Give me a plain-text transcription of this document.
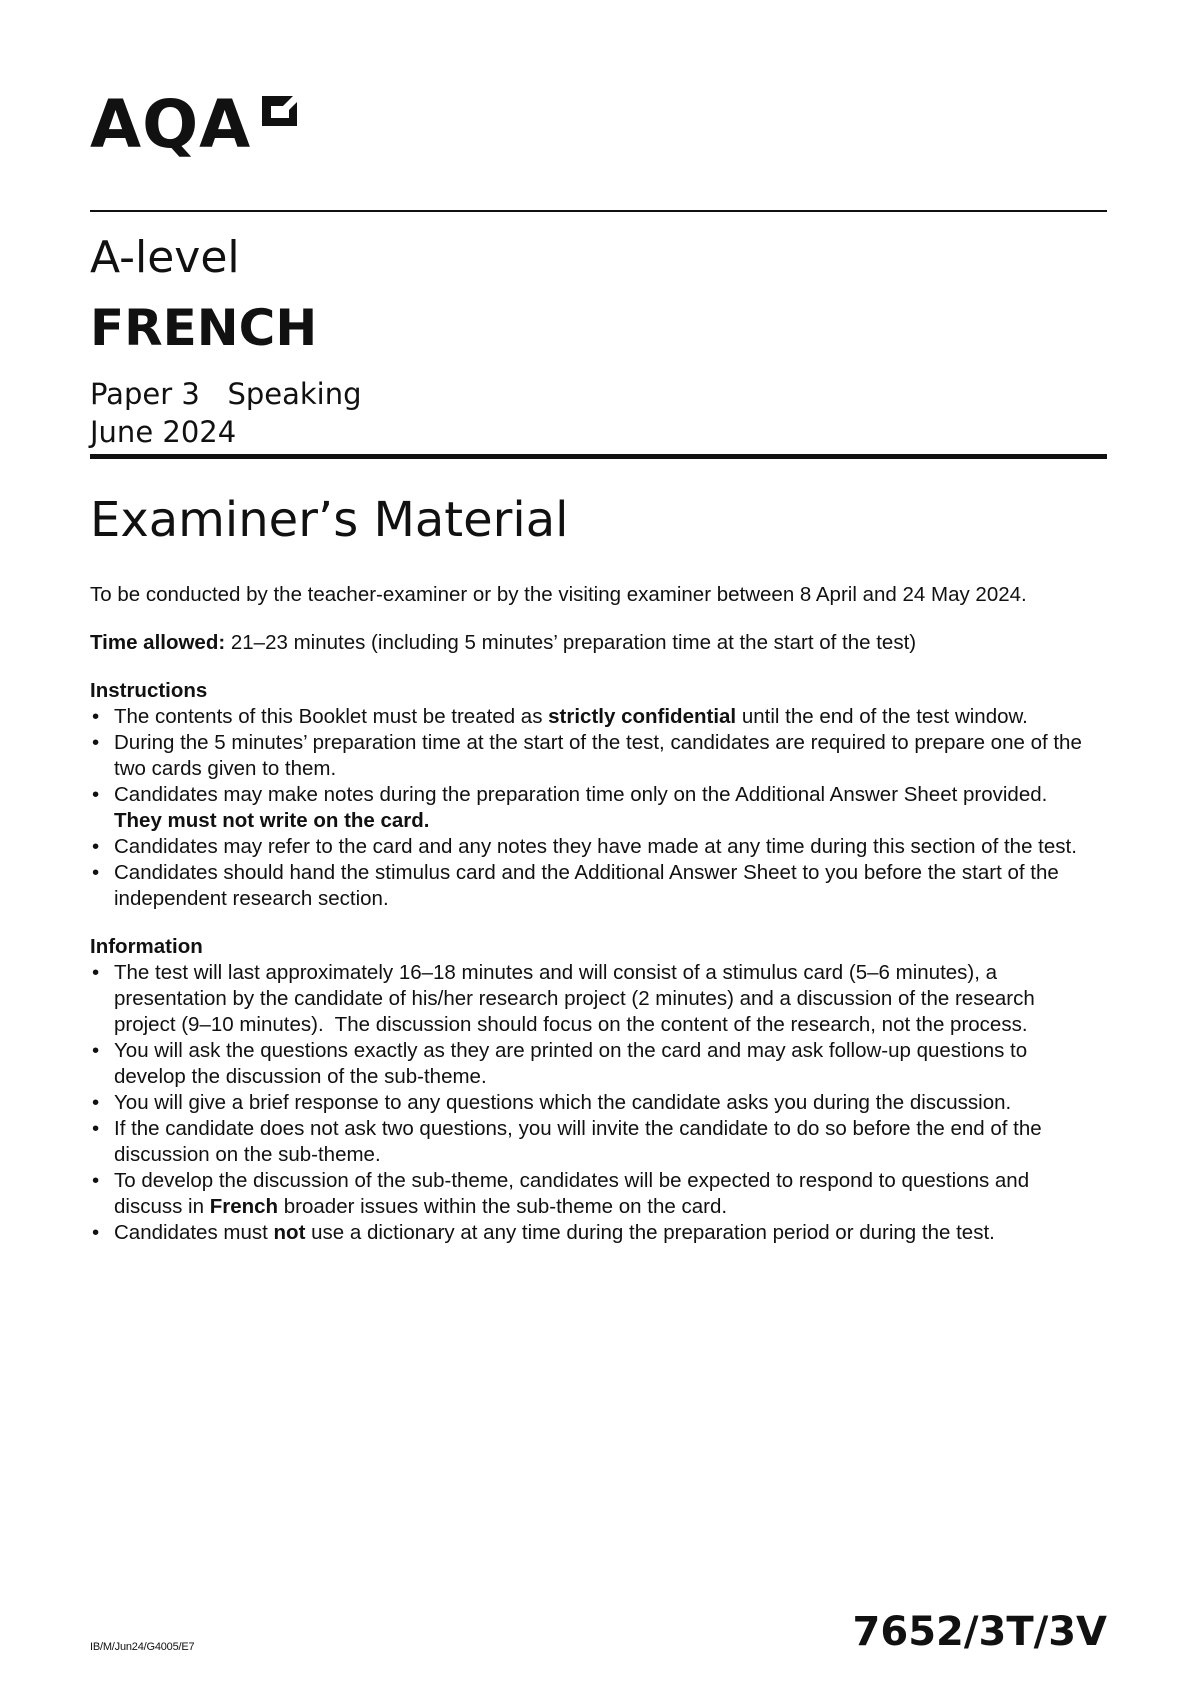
AQA
A-level
FRENCH
Paper 3   Speaking
June 2024
Examiner’s Material

To be conducted by the teacher-examiner or by the visiting examiner between 8 April and 24 May 2024.

Time allowed: 21–23 minutes (including 5 minutes’ preparation time at the start of the test)

Instructions
• The contents of this Booklet must be treated as strictly confidential until the end of the test window.
• During the 5 minutes’ preparation time at the start of the test, candidates are required to prepare one of the two cards given to them.
• Candidates may make notes during the preparation time only on the Additional Answer Sheet provided.  They must not write on the card.
• Candidates may refer to the card and any notes they have made at any time during this section of the test.
• Candidates should hand the stimulus card and the Additional Answer Sheet to you before the start of the independent research section.
Information
• The test will last approximately 16–18 minutes and will consist of a stimulus card (5–6 minutes), a presentation by the candidate of his/her research project (2 minutes) and a discussion of the research project (9–10 minutes).  The discussion should focus on the content of the research, not the process.
• You will ask the questions exactly as they are printed on the card and may ask follow-up questions to develop the discussion of the sub-theme.
• You will give a brief response to any questions which the candidate asks you during the discussion.
• If the candidate does not ask two questions, you will invite the candidate to do so before the end of the discussion on the sub-theme.
• To develop the discussion of the sub-theme, candidates will be expected to respond to questions and discuss in French broader issues within the sub-theme on the card.
• Candidates must not use a dictionary at any time during the preparation period or during the test.
IB/M/Jun24/G4005/E7	7652/3T/3V
